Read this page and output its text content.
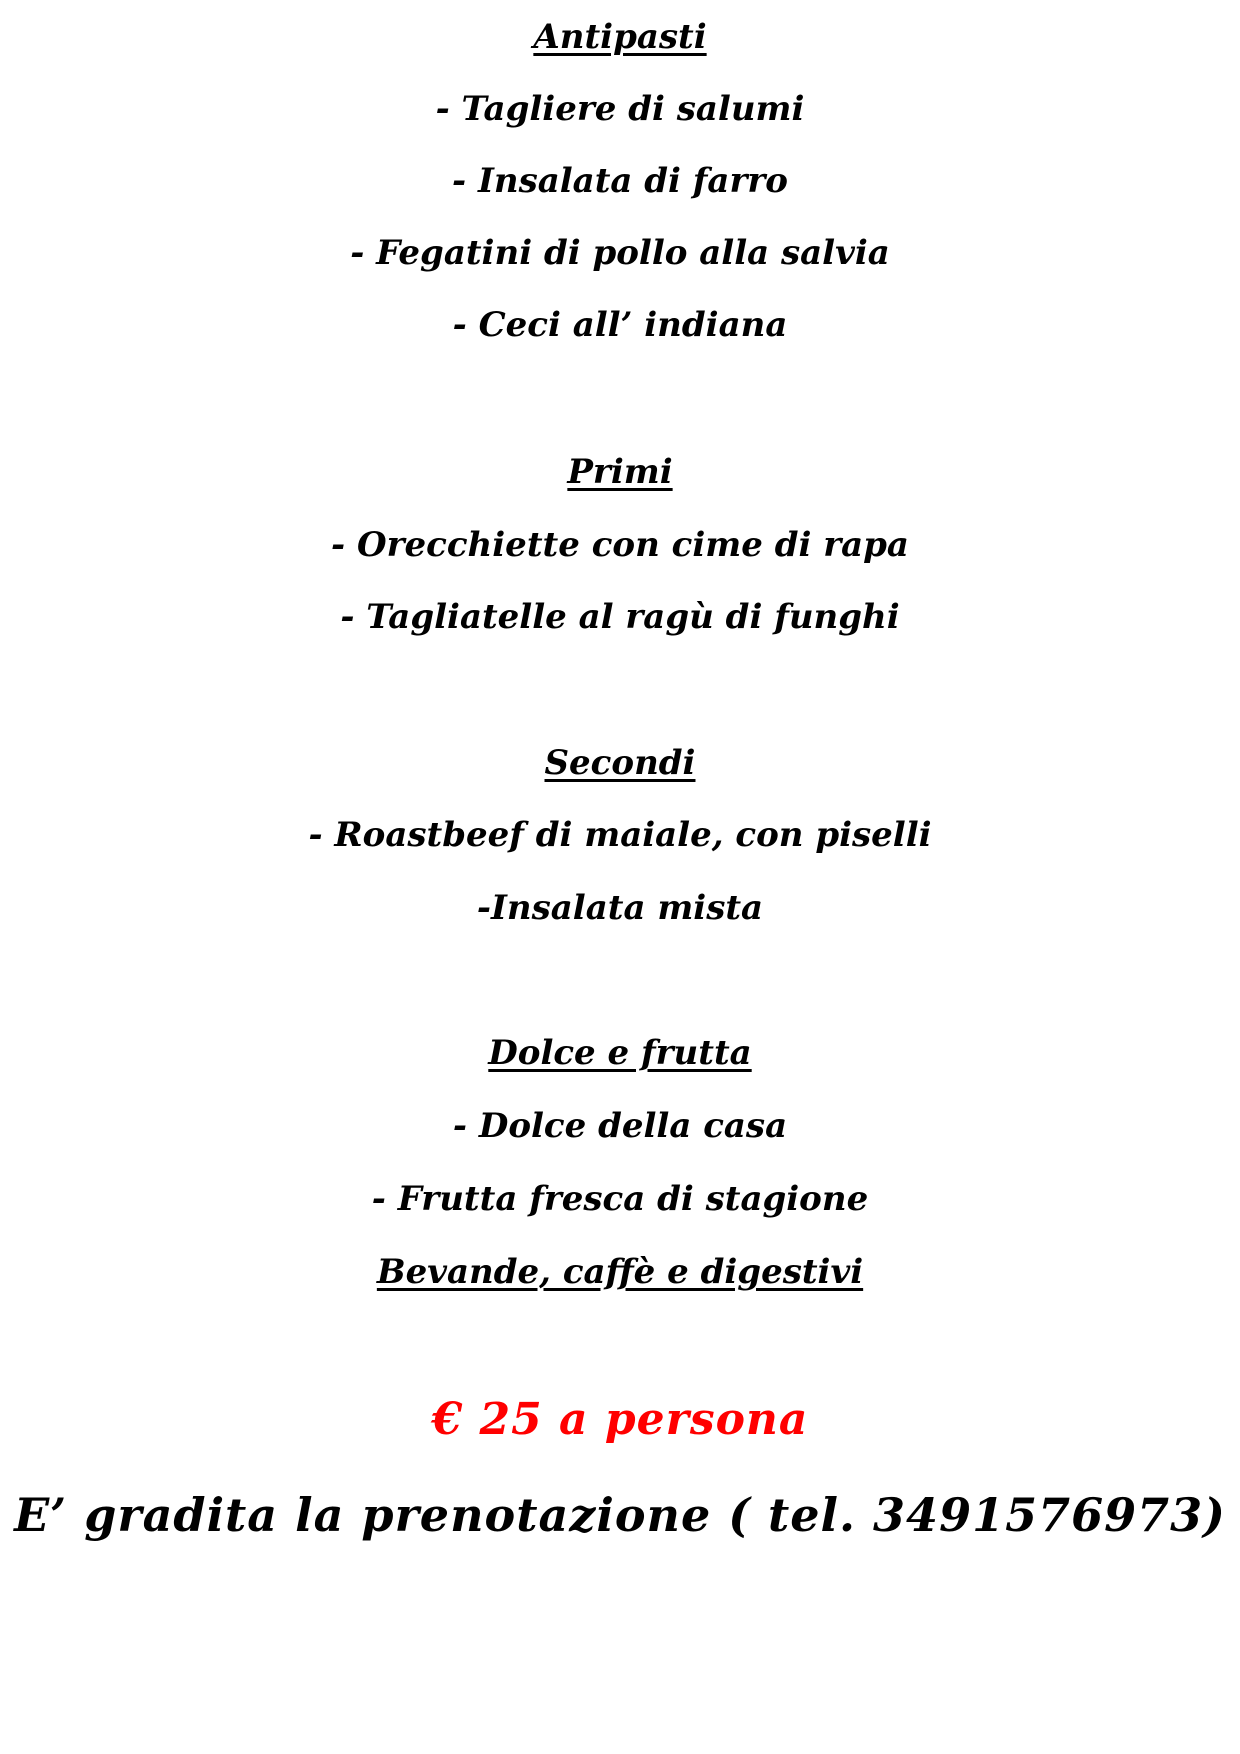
Antipasti
- Tagliere di salumi
- Insalata di farro
- Fegatini di pollo alla salvia
- Ceci all’ indiana
Primi
- Orecchiette con cime di rapa
- Tagliatelle al ragù di funghi
Secondi
- Roastbeef di maiale, con piselli
-Insalata mista
Dolce e frutta
- Dolce della casa
- Frutta fresca di stagione
Bevande, caffè e digestivi
€ 25 a persona
E’ gradita la prenotazione ( tel. 3491576973)
